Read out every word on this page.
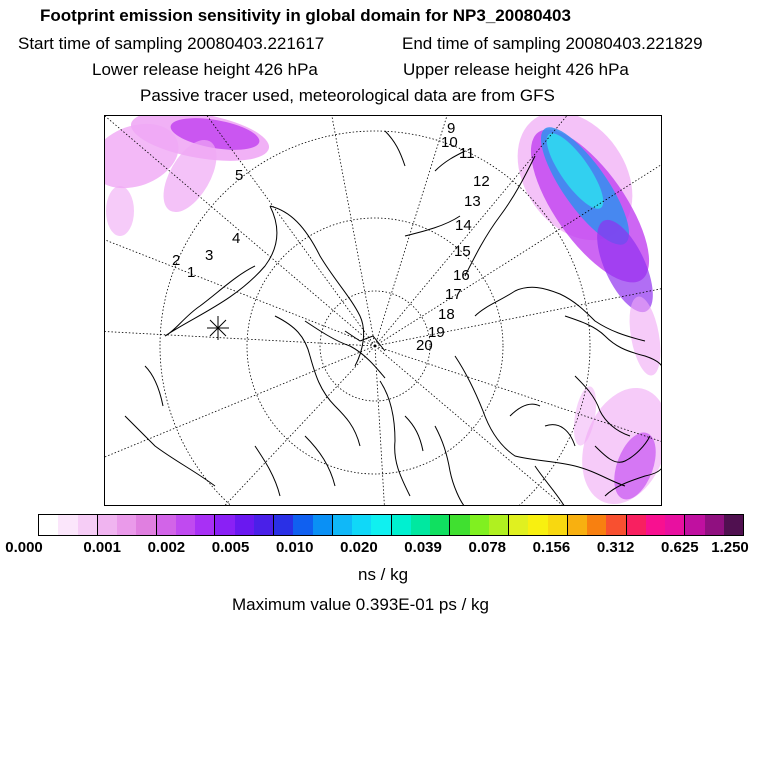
Footprint emission sensitivity in global domain for NP3_20080403
Start time of sampling 20080403.221617	End time of sampling 20080403.221829
Lower release height 426 hPa	Upper release height 426 hPa
Passive tracer used, meteorological data are from GFS
1
2 3
4
5
9
10
11
12
13
14
15
16
17
18
19
20
0.000	0.001 0.002 0.005 0.010 0.020 0.039 0.078 0.156 0.312 0.625 1.250
ns / kg
Maximum value 0.393E-01 ps / kg
